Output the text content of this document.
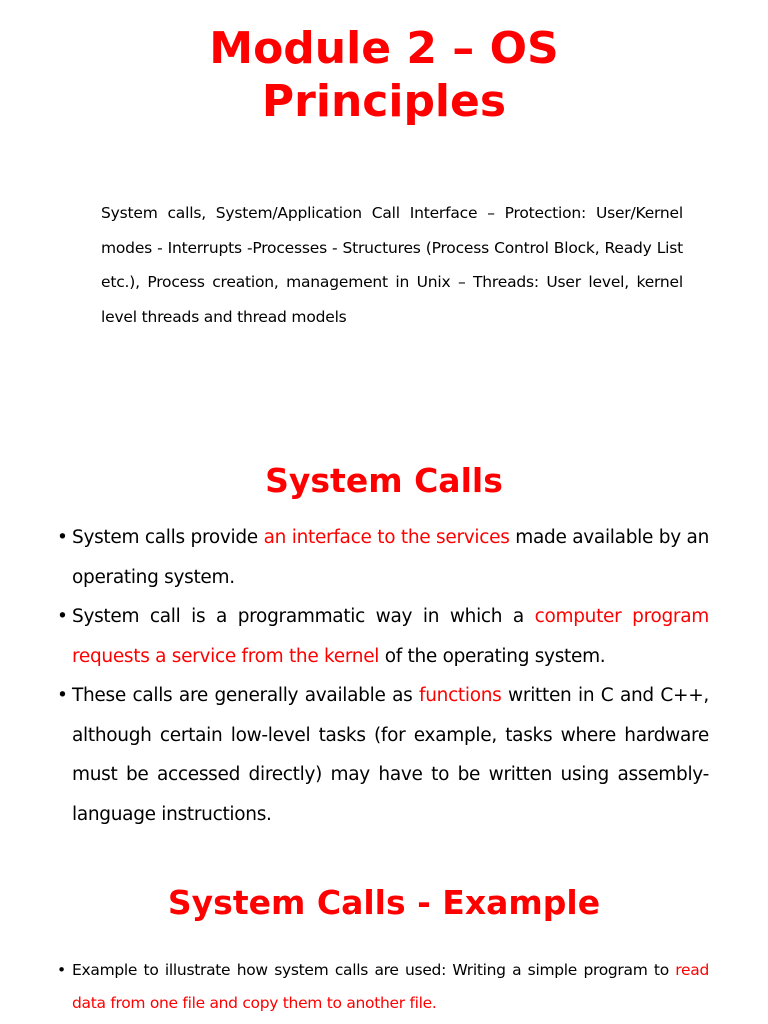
Module 2 – OS
Principles

System calls, System/Application Call Interface – Protection: User/Kernel modes - Interrupts -Processes - Structures (Process Control Block, Ready List etc.), Process creation, management in Unix – Threads: User level, kernel level threads and thread models

System Calls
• System calls provide an interface to the services made available by an operating system.
• System call is a programmatic way in which a computer program requests a service from the kernel of the operating system.
• These calls are generally available as functions written in C and C++, although certain low-level tasks (for example, tasks where hardware must be accessed directly) may have to be written using assembly-language instructions.
System Calls - Example
• Example to illustrate how system calls are used: Writing a simple program to read data from one file and copy them to another file.
